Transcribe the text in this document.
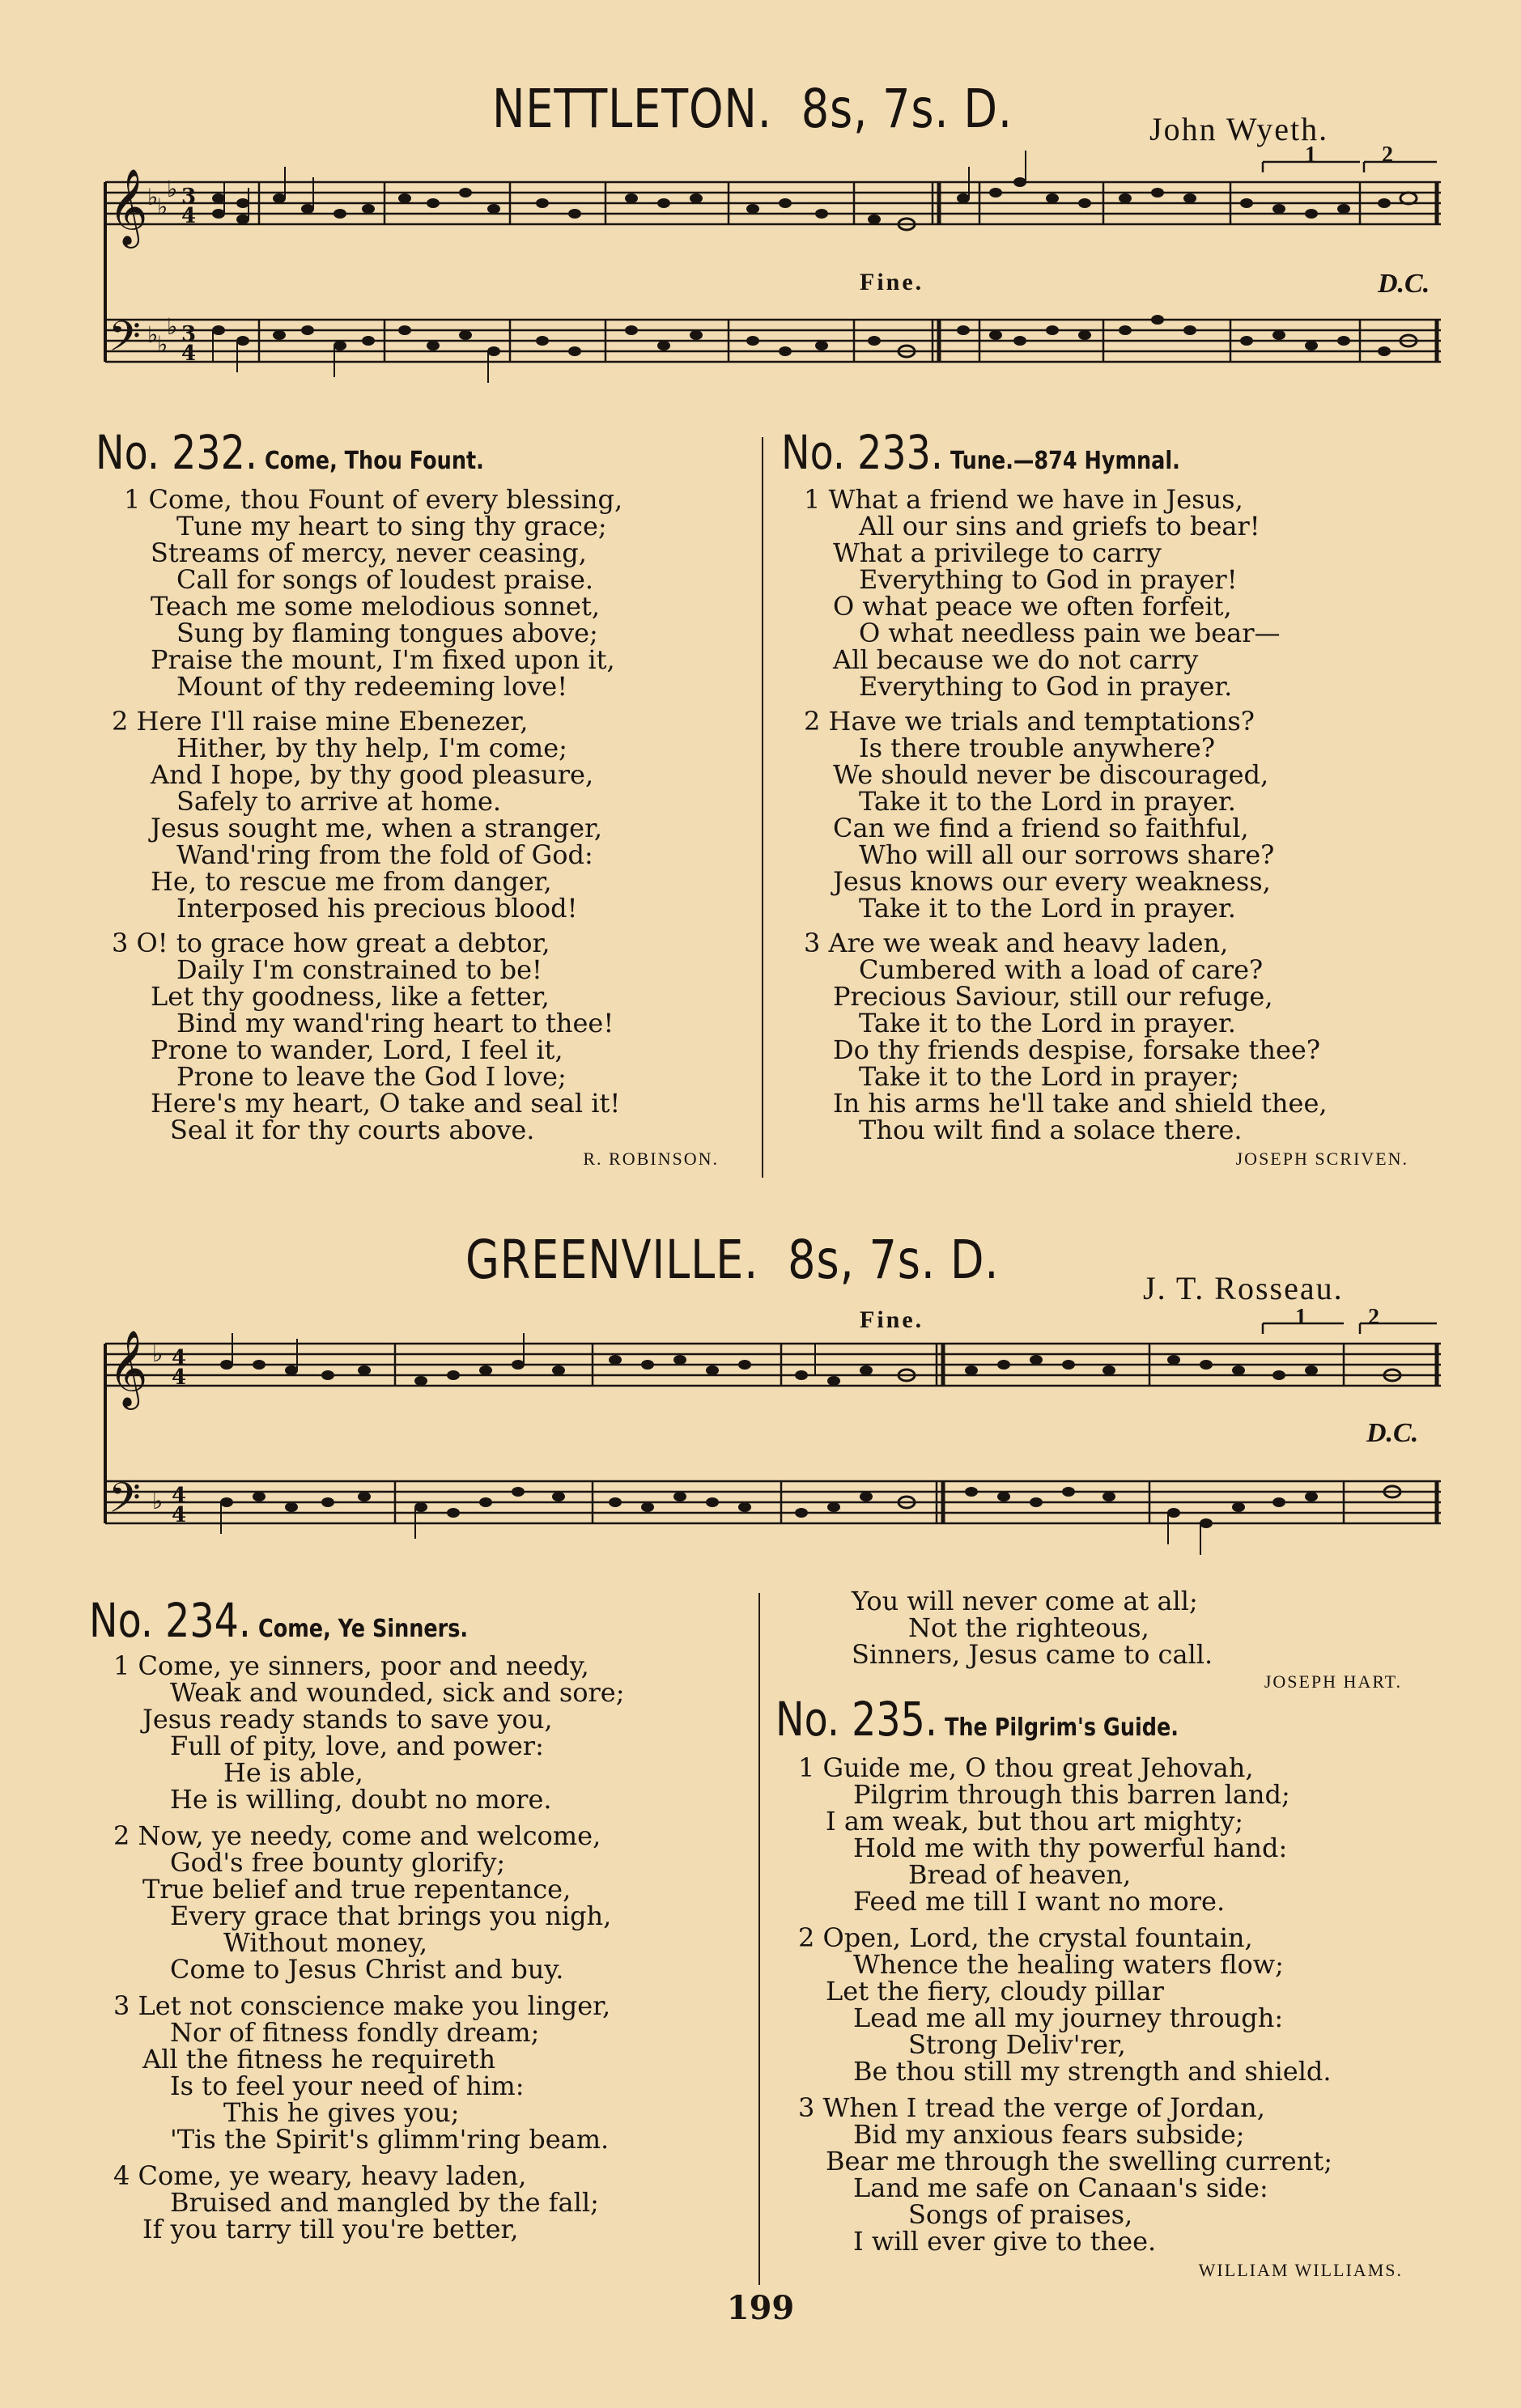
NETTLETON. 8s, 7s. D.	John Wyeth.
𝄞
𝄢
♭
♭
♭
♭
♭
♭
3
4
3
4
Fine.	D.C.
1	2
No. 232. Come, Thou Fount.
1 Come, thou Fount of every blessing,
Tune my heart to sing thy grace;
Streams of mercy, never ceasing,
Call for songs of loudest praise.
Teach me some melodious sonnet,
Sung by flaming tongues above;
Praise the mount, I'm fixed upon it,
Mount of thy redeeming love!
2 Here I'll raise mine Ebenezer,
Hither, by thy help, I'm come;
And I hope, by thy good pleasure,
Safely to arrive at home.
Jesus sought me, when a stranger,
Wand'ring from the fold of God:
He, to rescue me from danger,
Interposed his precious blood!
3 O! to grace how great a debtor,
Daily I'm constrained to be!
Let thy goodness, like a fetter,
Bind my wand'ring heart to thee!
Prone to wander, Lord, I feel it,
Prone to leave the God I love;
Here's my heart, O take and seal it!
Seal it for thy courts above.
R. ROBINSON.
No. 233. Tune.—874 Hymnal.
1 What a friend we have in Jesus,
All our sins and griefs to bear!
What a privilege to carry
Everything to God in prayer!
O what peace we often forfeit,
O what needless pain we bear—
All because we do not carry
Everything to God in prayer.
2 Have we trials and temptations?
Is there trouble anywhere?
We should never be discouraged,
Take it to the Lord in prayer.
Can we find a friend so faithful,
Who will all our sorrows share?
Jesus knows our every weakness,
Take it to the Lord in prayer.
3 Are we weak and heavy laden,
Cumbered with a load of care?
Precious Saviour, still our refuge,
Take it to the Lord in prayer.
Do thy friends despise, forsake thee?
Take it to the Lord in prayer;
In his arms he'll take and shield thee,
Thou wilt find a solace there.
JOSEPH SCRIVEN.
GREENVILLE. 8s, 7s. D.	J. T. Rosseau.
𝄞
𝄢
♭
♭
4
4
4
4
Fine.
D.C.
1	2
No. 234. Come, Ye Sinners.
1 Come, ye sinners, poor and needy,
Weak and wounded, sick and sore;
Jesus ready stands to save you,
Full of pity, love, and power:
He is able,
He is willing, doubt no more.
2 Now, ye needy, come and welcome,
God's free bounty glorify;
True belief and true repentance,
Every grace that brings you nigh,
Without money,
Come to Jesus Christ and buy.
3 Let not conscience make you linger,
Nor of fitness fondly dream;
All the fitness he requireth
Is to feel your need of him:
This he gives you;
'Tis the Spirit's glimm'ring beam.
4 Come, ye weary, heavy laden,
Bruised and mangled by the fall;
If you tarry till you're better,
You will never come at all;
Not the righteous,
Sinners, Jesus came to call.
JOSEPH HART.
No. 235. The Pilgrim's Guide.
1 Guide me, O thou great Jehovah,
Pilgrim through this barren land;
I am weak, but thou art mighty;
Hold me with thy powerful hand:
Bread of heaven,
Feed me till I want no more.
2 Open, Lord, the crystal fountain,
Whence the healing waters flow;
Let the fiery, cloudy pillar
Lead me all my journey through:
Strong Deliv'rer,
Be thou still my strength and shield.
3 When I tread the verge of Jordan,
Bid my anxious fears subside;
Bear me through the swelling current;
Land me safe on Canaan's side:
Songs of praises,
I will ever give to thee.
WILLIAM WILLIAMS.
199
